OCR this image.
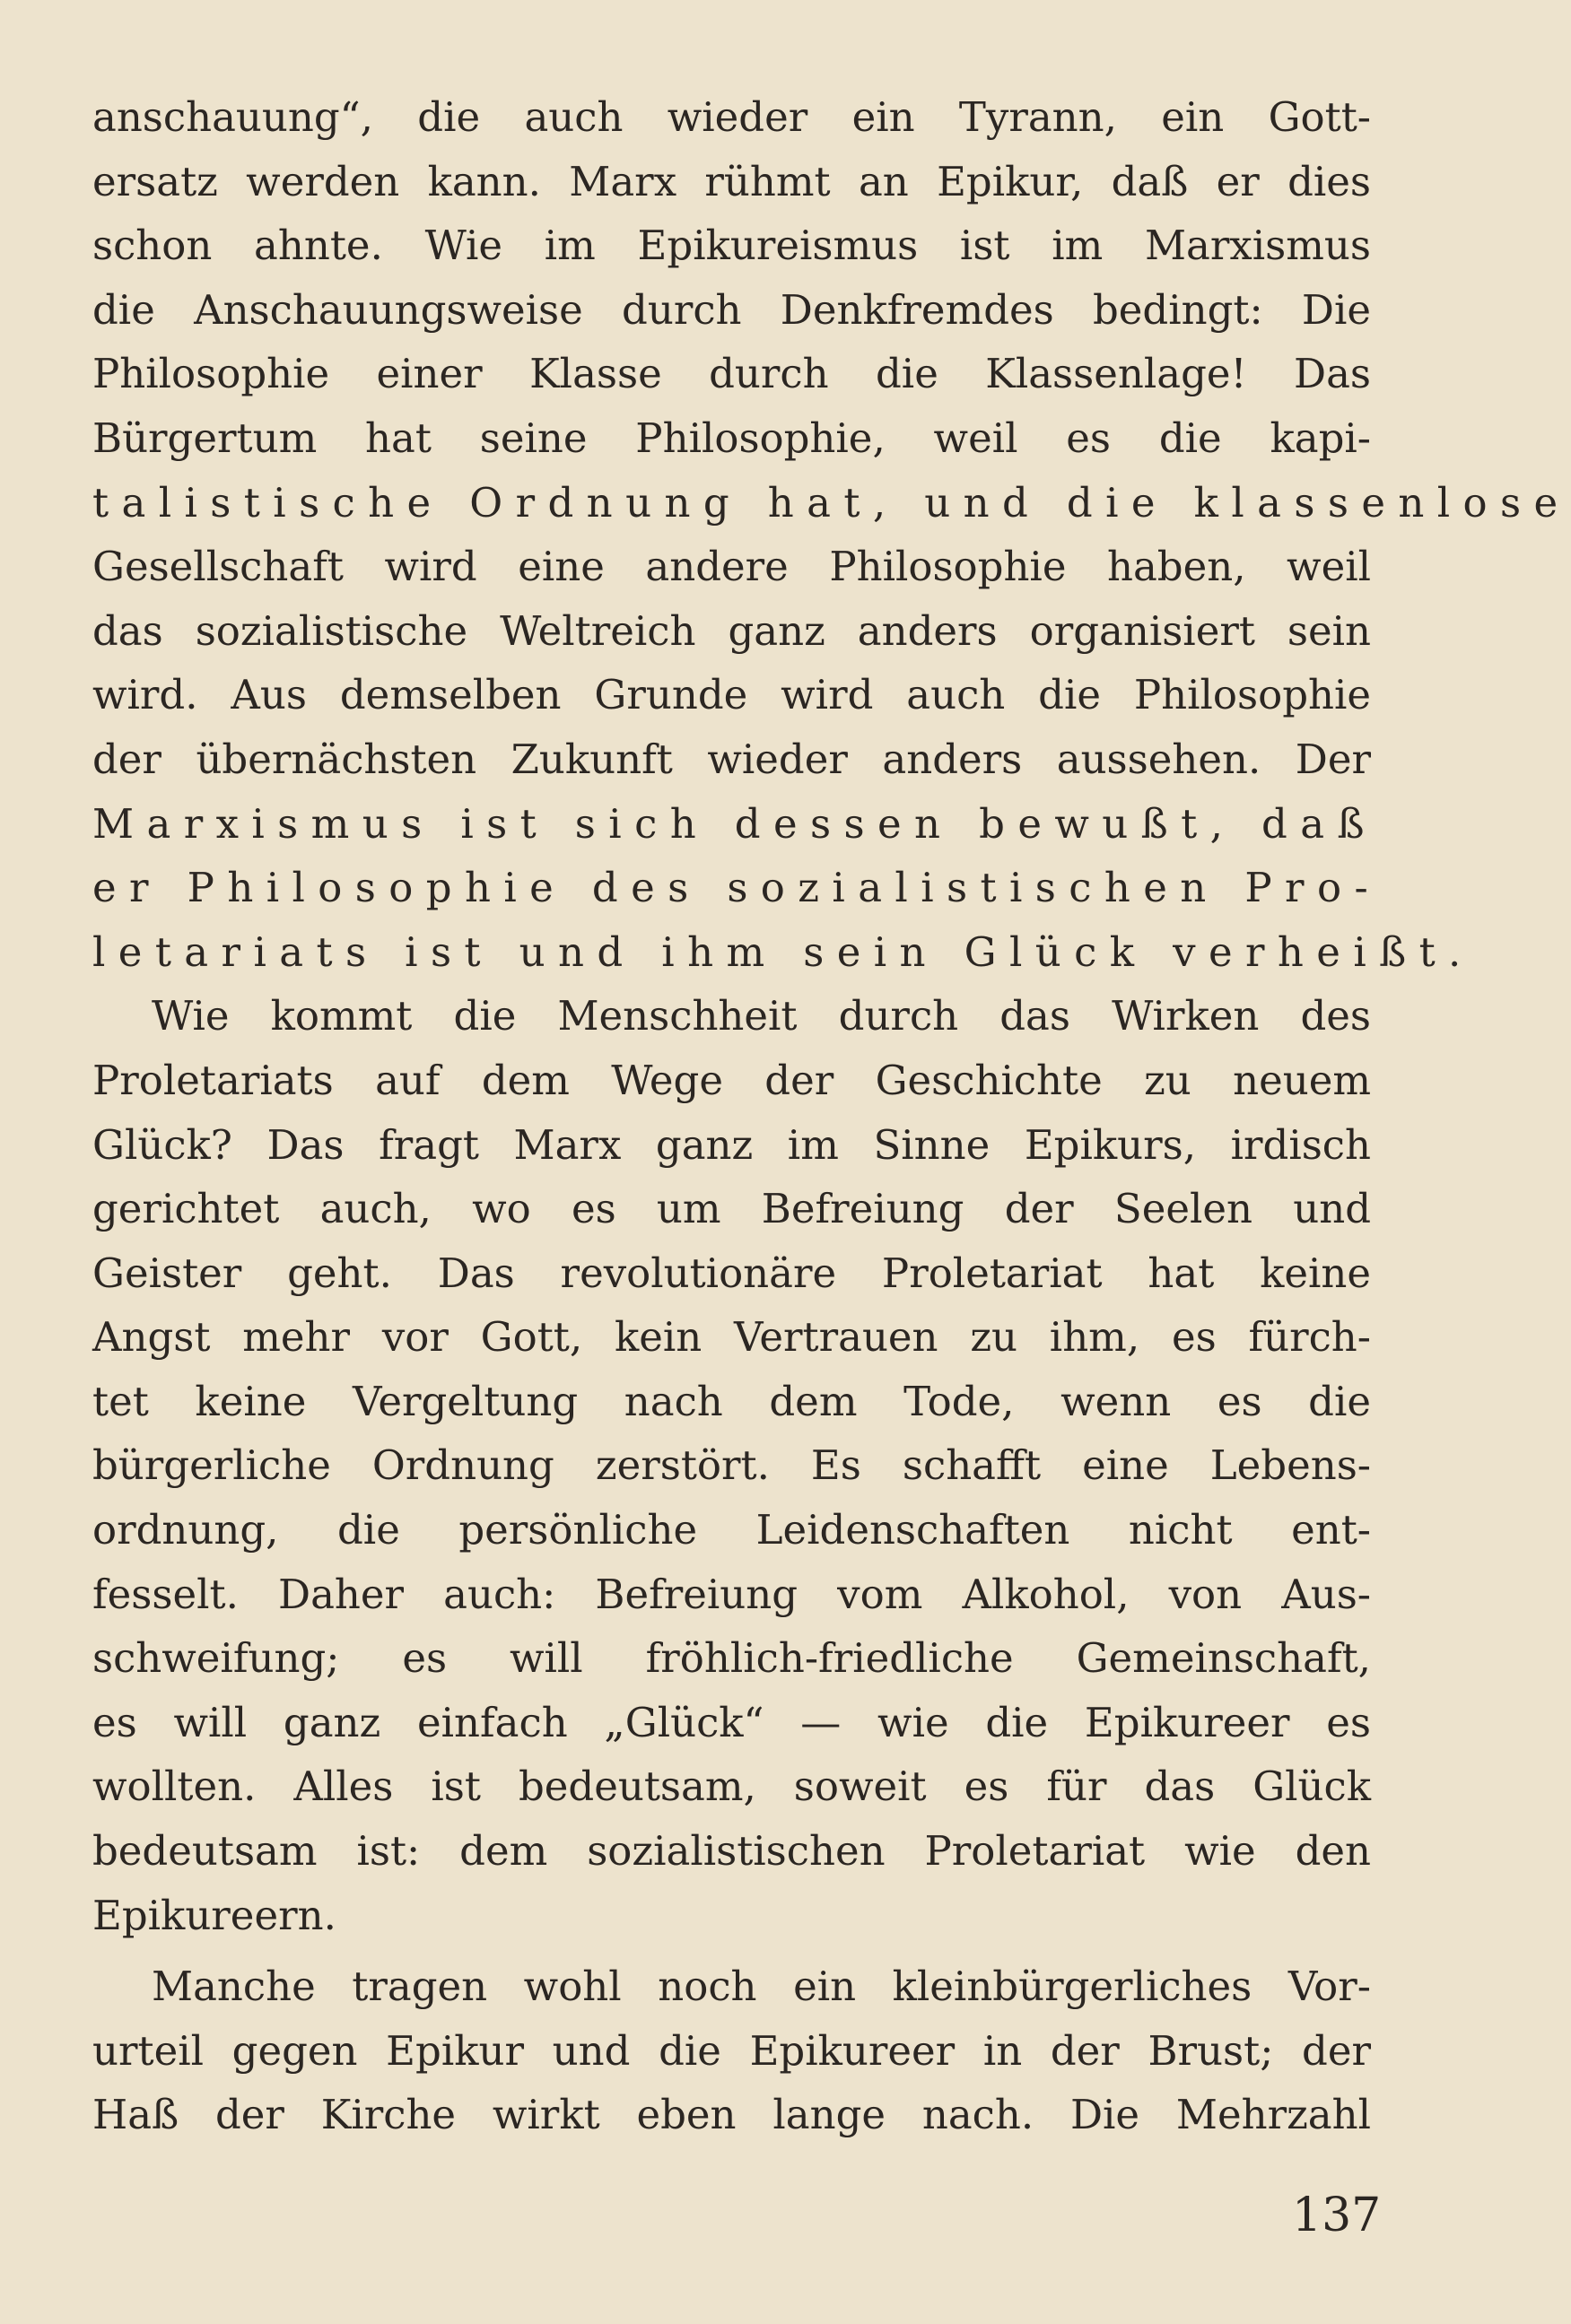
anschauung“, die auch wieder ein Tyrann, ein Gott-
ersatz werden kann. Marx rühmt an Epikur, daß er dies
schon ahnte. Wie im Epikureismus ist im Marxismus
die Anschauungsweise durch Denkfremdes bedingt: Die
Philosophie einer Klasse durch die Klassenlage! Das
Bürgertum hat seine Philosophie, weil es die kapi-
talistische Ordnung hat, und die klassenlose
Gesellschaft wird eine andere Philosophie haben, weil
das sozialistische Weltreich ganz anders organisiert sein
wird. Aus demselben Grunde wird auch die Philosophie
der übernächsten Zukunft wieder anders aussehen. Der
Marxismus ist sich dessen bewußt, daß
er Philosophie des sozialistischen Pro-
letariats ist und ihm sein Glück verheißt.
Wie kommt die Menschheit durch das Wirken des
Proletariats auf dem Wege der Geschichte zu neuem
Glück? Das fragt Marx ganz im Sinne Epikurs, irdisch
gerichtet auch, wo es um Befreiung der Seelen und
Geister geht. Das revolutionäre Proletariat hat keine
Angst mehr vor Gott, kein Vertrauen zu ihm, es fürch-
tet keine Vergeltung nach dem Tode, wenn es die
bürgerliche Ordnung zerstört. Es schafft eine Lebens-
ordnung, die persönliche Leidenschaften nicht ent-
fesselt. Daher auch: Befreiung vom Alkohol, von Aus-
schweifung; es will fröhlich-friedliche Gemeinschaft,
es will ganz einfach „Glück“ — wie die Epikureer es
wollten. Alles ist bedeutsam, soweit es für das Glück
bedeutsam ist: dem sozialistischen Proletariat wie den
Epikureern.
Manche tragen wohl noch ein kleinbürgerliches Vor-
urteil gegen Epikur und die Epikureer in der Brust; der
Haß der Kirche wirkt eben lange nach. Die Mehrzahl
137
